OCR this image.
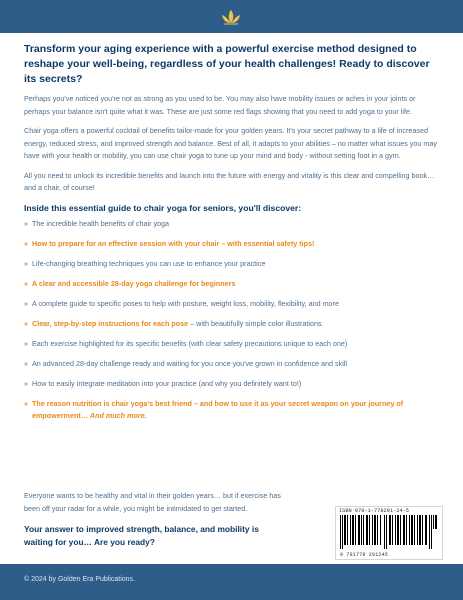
Transform your aging experience with a powerful exercise method designed to reshape your well-being, regardless of your health challenges! Ready to discover its secrets?

Perhaps you've noticed you're not as strong as you used to be. You may also have mobility issues or aches in your joints or perhaps your balance isn't quite what it was. These are just some red flags showing that you need to add yoga to your life.

Chair yoga offers a powerful cocktail of benefits tailor-made for your golden years. It's your secret pathway to a life of increased energy, reduced stress, and improved strength and balance. Best of all, it adapts to your abilities – no matter what issues you may have with your health or mobility, you can use chair yoga to tune up your mind and body - without setting foot in a gym.

All you need to unlock its incredible benefits and launch into the future with energy and vitality is this clear and compelling book… and a chair, of course!

Inside this essential guide to chair yoga for seniors, you'll discover:

» The incredible health benefits of chair yoga
» How to prepare for an effective session with your chair – with essential safety tips!
» Life-changing breathing techniques you can use to enhance your practice
» A clear and accessible 28-day yoga challenge for beginners
» A complete guide to specific poses to help with posture, weight loss, mobility, flexibility, and more
» Clear, step-by-step instructions for each pose – with beautifully simple color illustrations
» Each exercise highlighted for its specific benefits (with clear safety precautions unique to each one)
» An advanced 28-day challenge ready and waiting for you once you've grown in confidence and skill
» How to easily integrate meditation into your practice (and why you definitely want to!)
» The reason nutrition is chair yoga's best friend – and how to use it as your secret weapon on your journey of empowerment… And much more.

Everyone wants to be healthy and vital in their golden years… but if exercise has been off your radar for a while, you might be intimidated to get started.

Your answer to improved strength, balance, and mobility is waiting for you… Are you ready?

ISBN 978-1-778291-24-5
9 781778 291245
© 2024 by Golden Era Publications.
